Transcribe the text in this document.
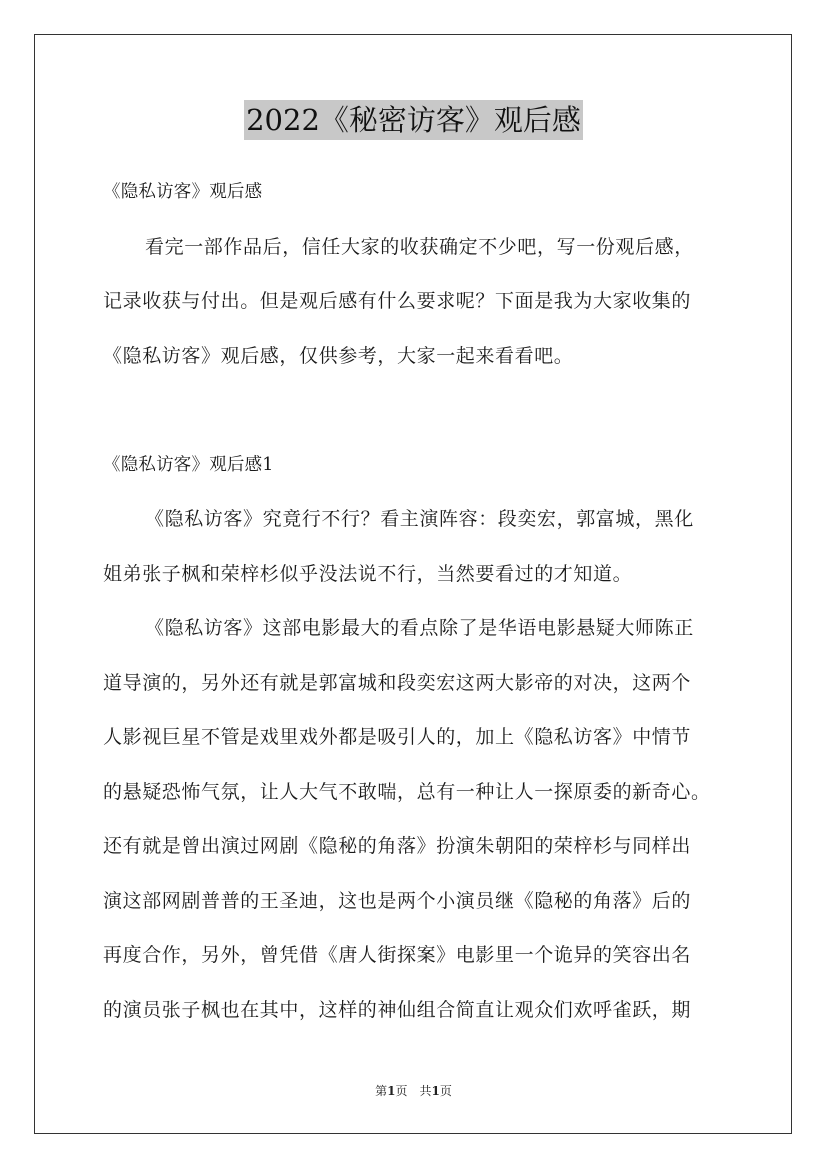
2022《秘密访客》观后感
《隐私访客》观后感
看完一部作品后，信任大家的收获确定不少吧，写一份观后感，
记录收获与付出。但是观后感有什么要求呢？下面是我为大家收集的
《隐私访客》观后感，仅供参考，大家一起来看看吧。
《隐私访客》观后感1
《隐私访客》究竟行不行？看主演阵容：段奕宏，郭富城，黑化
姐弟张子枫和荣梓杉似乎没法说不行，当然要看过的才知道。
《隐私访客》这部电影最大的看点除了是华语电影悬疑大师陈正
道导演的，另外还有就是郭富城和段奕宏这两大影帝的对决，这两个
人影视巨星不管是戏里戏外都是吸引人的，加上《隐私访客》中情节
的悬疑恐怖气氛，让人大气不敢喘，总有一种让人一探原委的新奇心。
还有就是曾出演过网剧《隐秘的角落》扮演朱朝阳的荣梓杉与同样出
演这部网剧普普的王圣迪，这也是两个小演员继《隐秘的角落》后的
再度合作，另外，曾凭借《唐人街探案》电影里一个诡异的笑容出名
的演员张子枫也在其中，这样的神仙组合简直让观众们欢呼雀跃，期
第1页　共1页
